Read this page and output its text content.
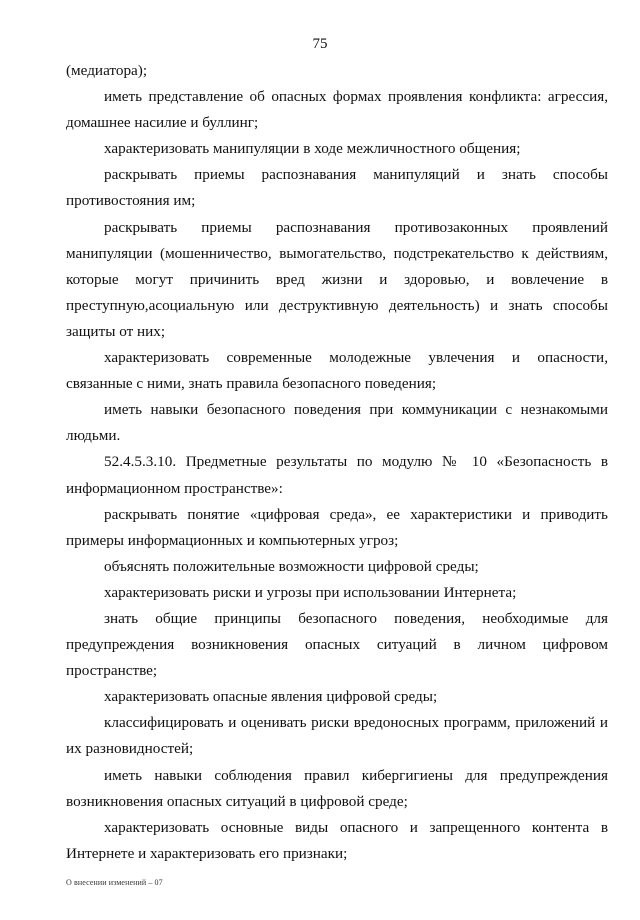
75

(медиатора);

иметь представление об опасных формах проявления конфликта: агрессия, домашнее насилие и буллинг;

характеризовать манипуляции в ходе межличностного общения;

раскрывать приемы распознавания манипуляций и знать способы противостояния им;

раскрывать приемы распознавания противозаконных проявлений манипуляции (мошенничество, вымогательство, подстрекательство к действиям, которые могут причинить вред жизни и здоровью, и вовлечение в преступную,асоциальную или деструктивную деятельность) и знать способы защиты от них;

характеризовать современные молодежные увлечения и опасности, связанные с ними, знать правила безопасного поведения;

иметь навыки безопасного поведения при коммуникации с незнакомыми людьми.

52.4.5.3.10. Предметные результаты по модулю № 10 «Безопасность в информационном пространстве»:

раскрывать понятие «цифровая среда», ее характеристики и приводить примеры информационных и компьютерных угроз;

объяснять положительные возможности цифровой среды;

характеризовать риски и угрозы при использовании Интернета;

знать общие принципы безопасного поведения, необходимые для предупреждения возникновения опасных ситуаций в личном цифровом пространстве;

характеризовать опасные явления цифровой среды;

классифицировать и оценивать риски вредоносных программ, приложений и их разновидностей;

иметь навыки соблюдения правил кибергигиены для предупреждения возникновения опасных ситуаций в цифровой среде;

характеризовать основные виды опасного и запрещенного контента в Интернете и характеризовать его признаки;

О внесении изменений – 07
